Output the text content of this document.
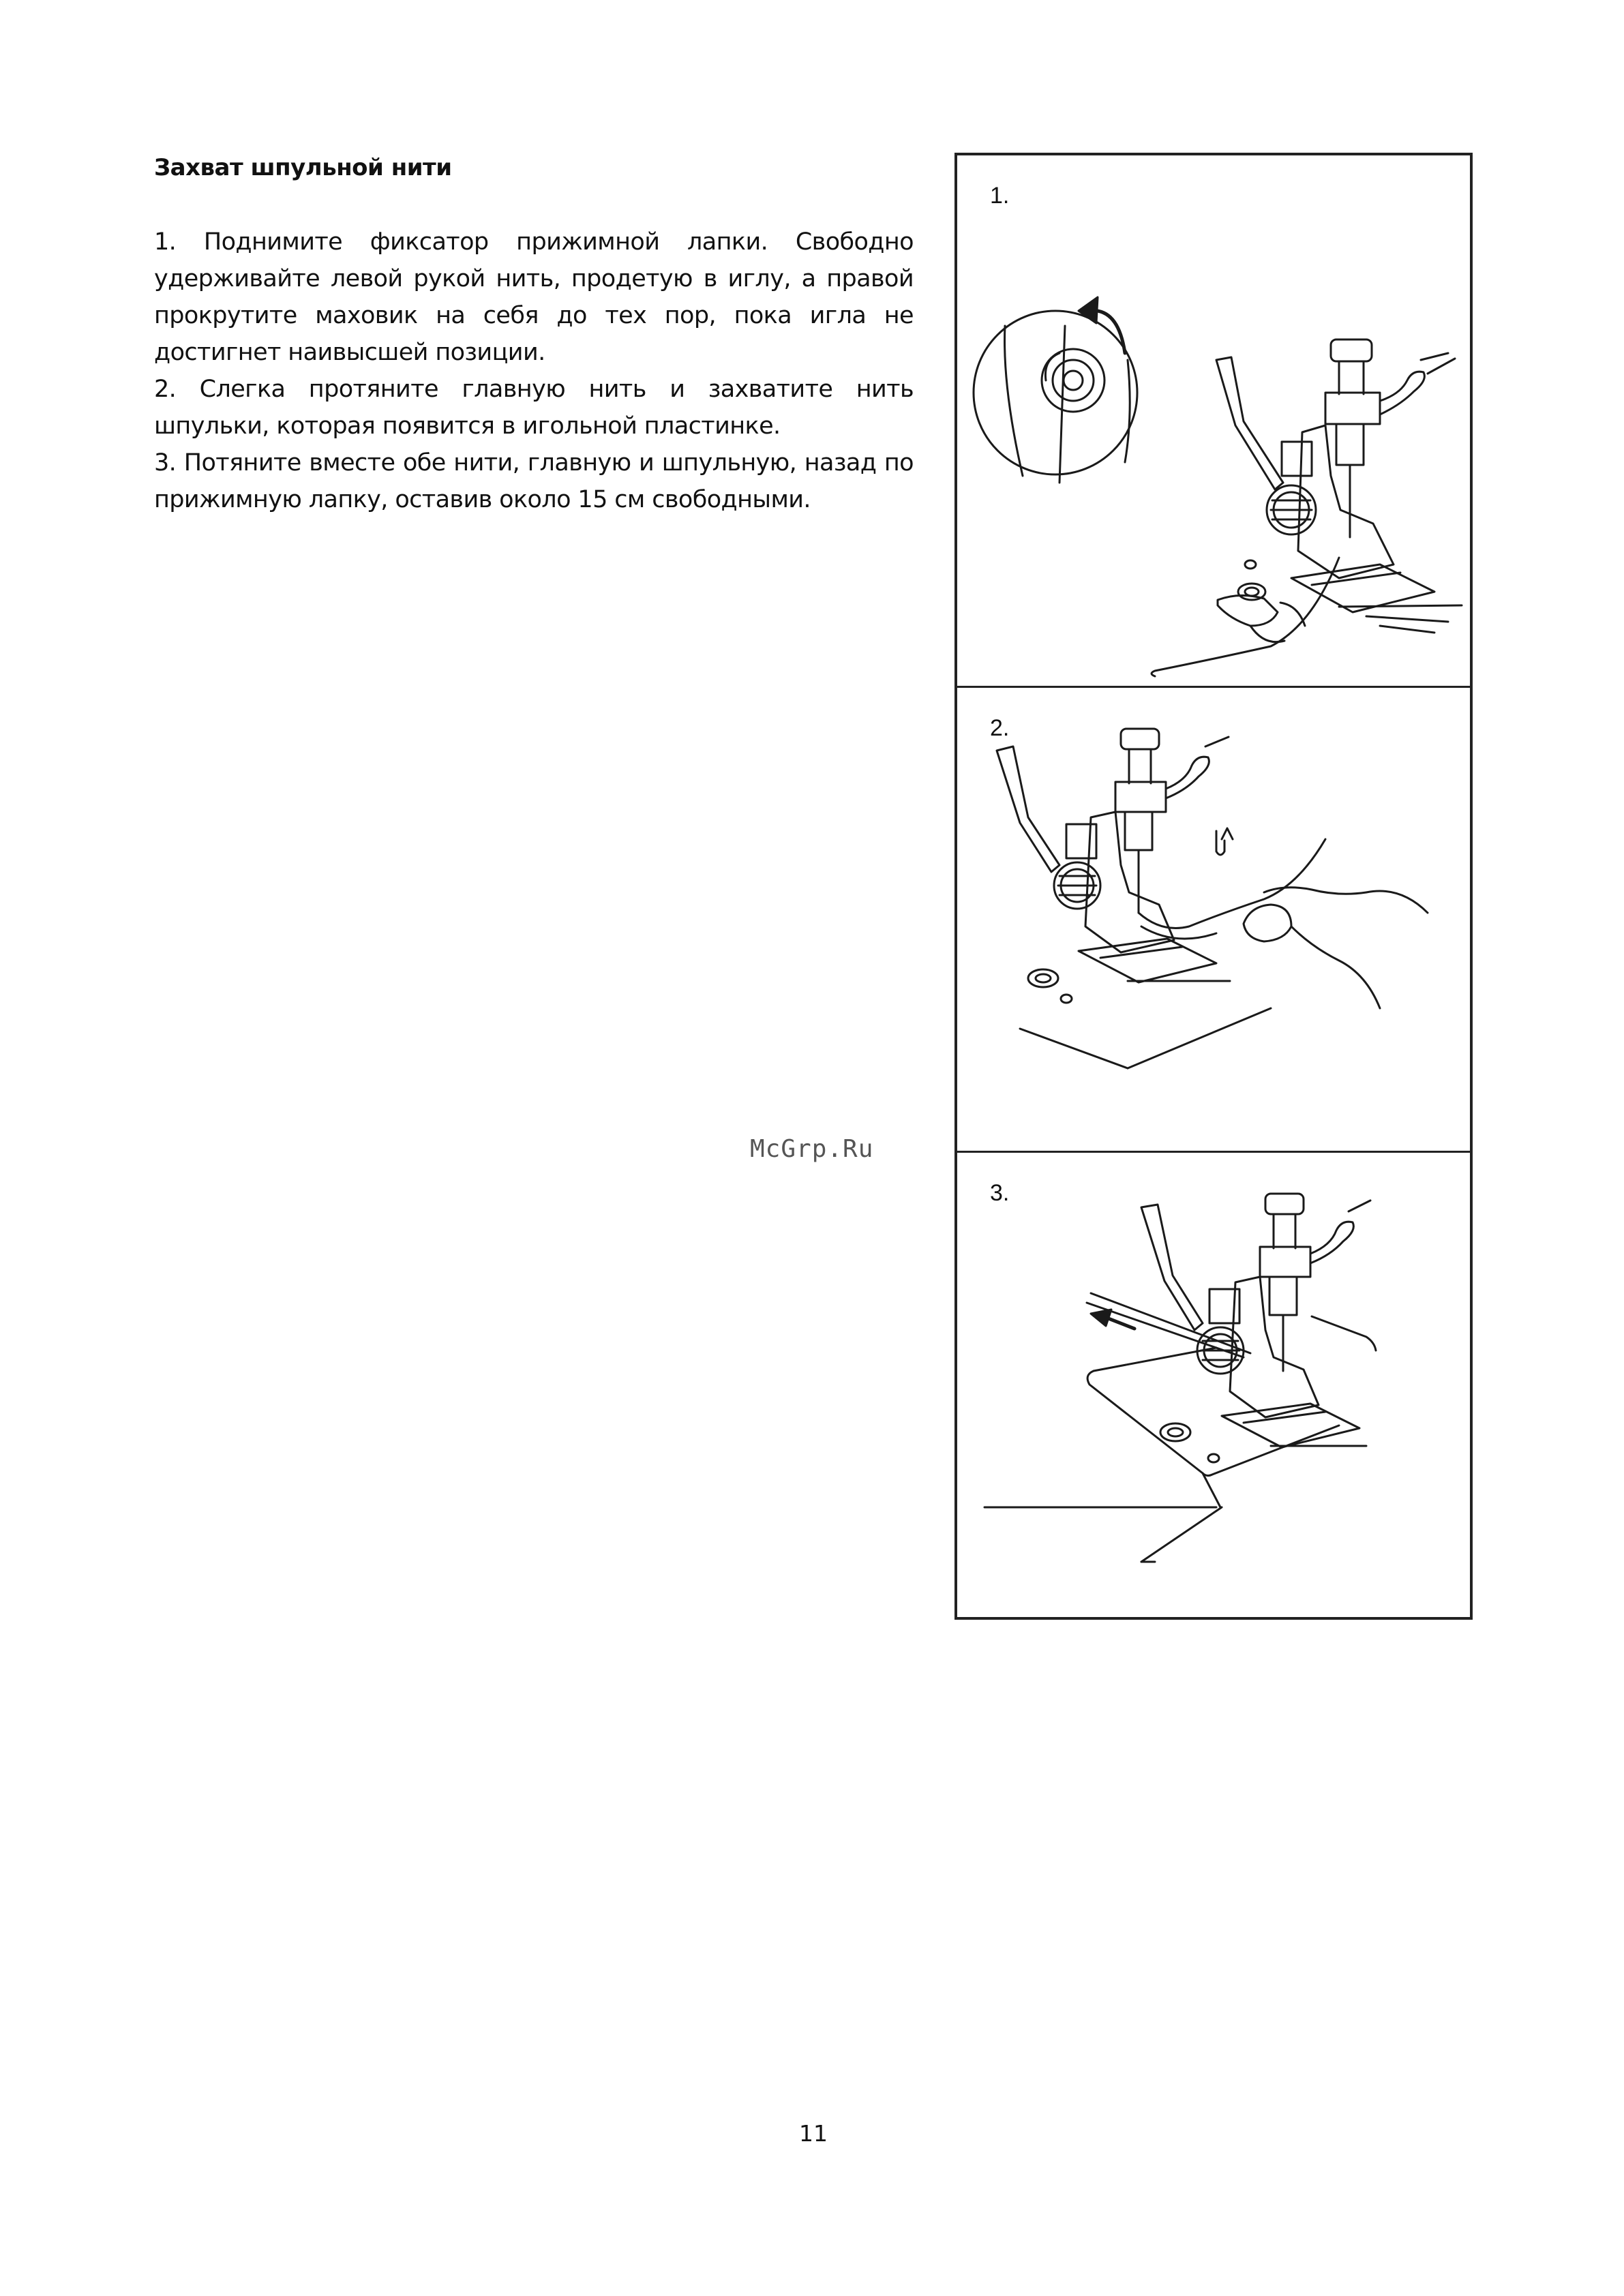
Захват шпульной нити

1. Поднимите фиксатор прижимной лапки. Свободно удерживайте левой рукой нить, продетую в иглу, а правой прокрутите маховик на себя до тех пор, пока игла не достигнет наивысшей позиции.

2. Слегка протяните главную нить и захватите нить шпульки, которая появится в игольной пластинке.

3. Потяните вместе обе нити, главную и шпульную, назад по прижимную лапку, оставив около 15 см свободными.

McGrp.Ru
1.
2.
3.
11
